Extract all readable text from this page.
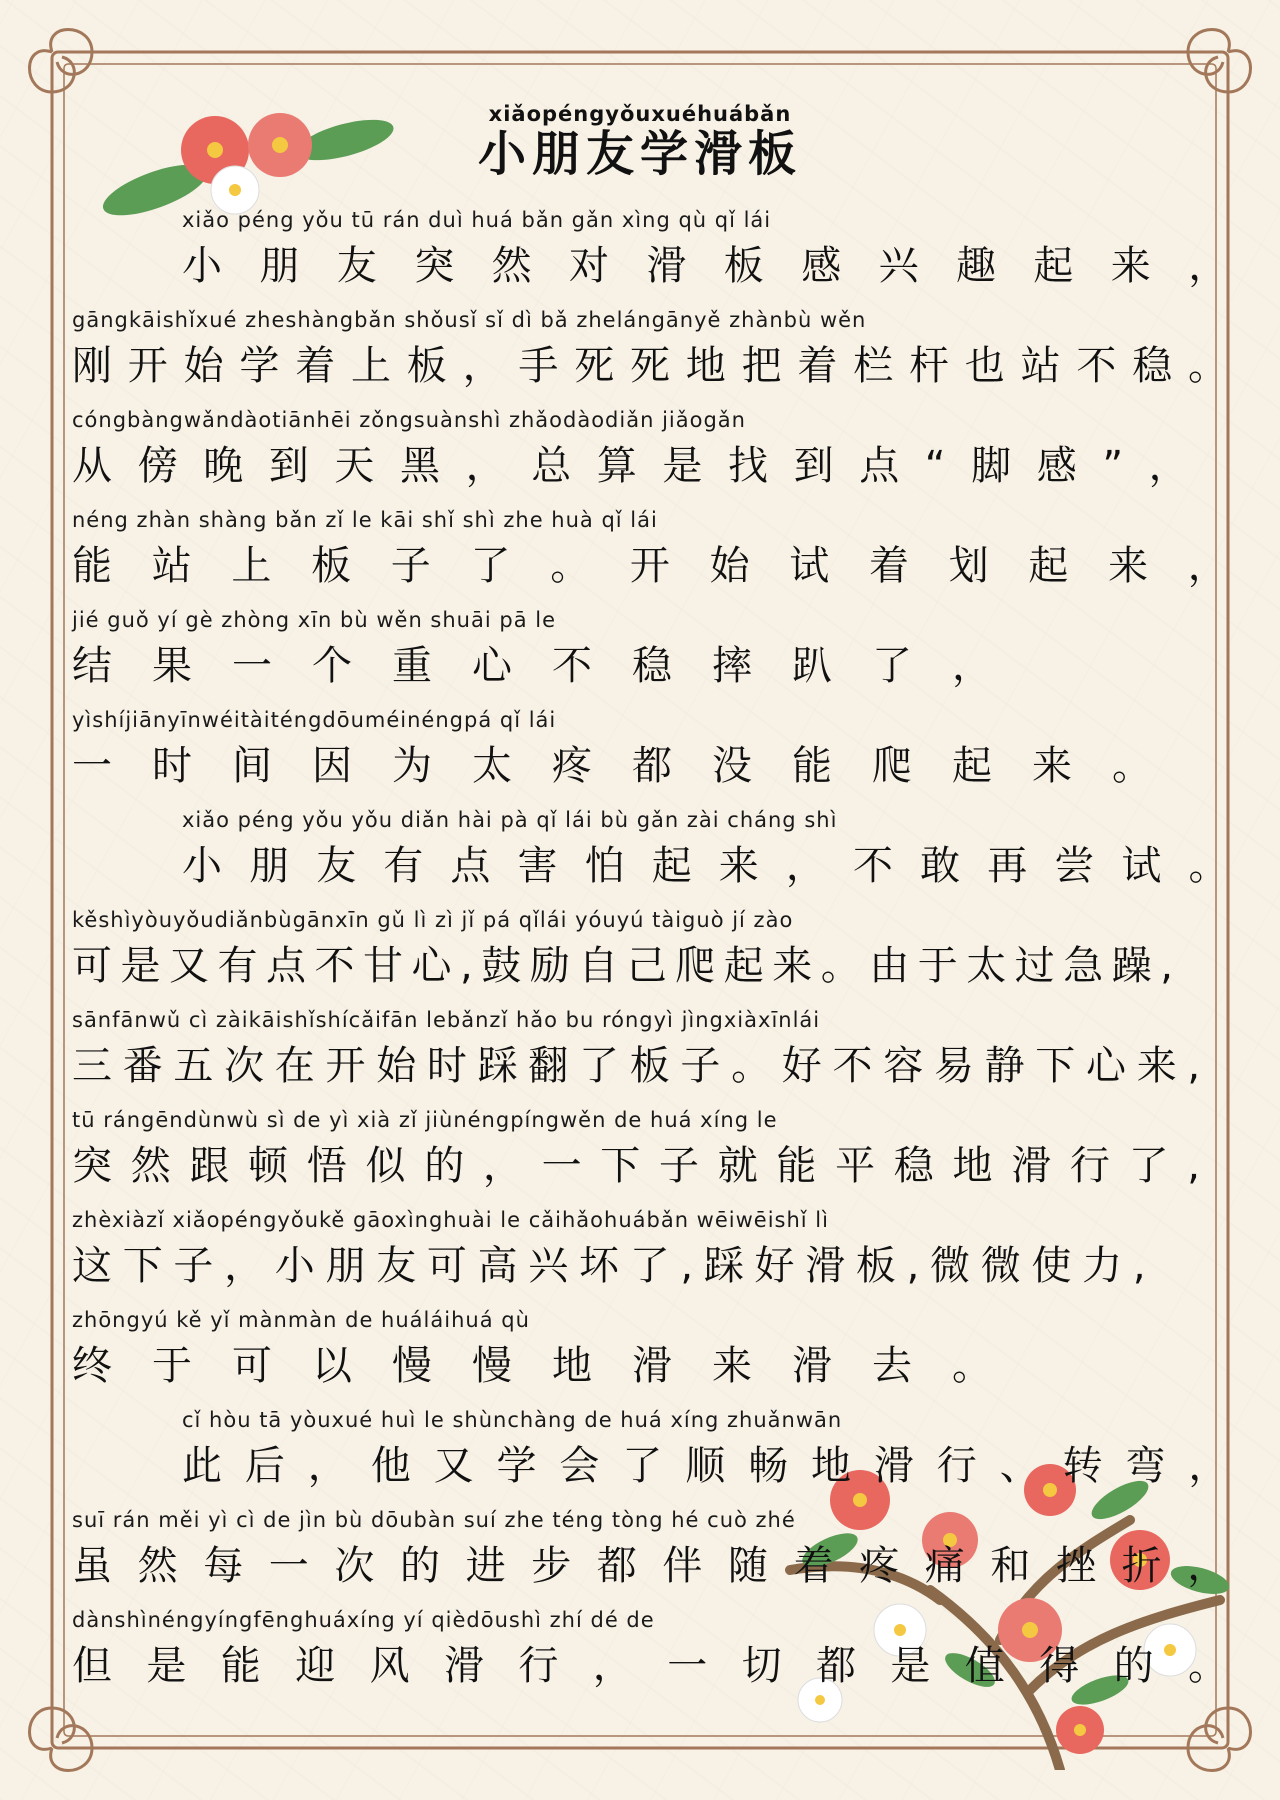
xiǎopéngyǒuxuéhuábǎn
小朋友学滑板
xiǎo péng yǒu tū rán duì huá bǎn gǎn xìng qù qǐ lái
小朋友突然对滑板感兴趣起来，
gāngkāishǐxué zheshàngbǎn shǒusǐ sǐ dì bǎ zhelángānyě zhànbù wěn
刚开始学着上板，手死死地把着栏杆也站不稳。
cóngbàngwǎndàotiānhēi zǒngsuànshì zhǎodàodiǎn jiǎogǎn
从傍晚到天黑，总算是找到点“脚感”，
néng zhàn shàng bǎn zǐ le kāi shǐ shì zhe huà qǐ lái
能站上板子了。开始试着划起来，
jié guǒ yí gè zhòng xīn bù wěn shuāi pā le
结果一个重心不稳摔趴了，
yìshíjiānyīnwéitàiténgdōuméinéngpá qǐ lái
一时间因为太疼都没能爬起来。
xiǎo péng yǒu yǒu diǎn hài pà qǐ lái bù gǎn zài cháng shì
小朋友有点害怕起来，不敢再尝试。
kěshìyòuyǒudiǎnbùgānxīn gǔ lì zì jǐ pá qǐlái yóuyú tàiguò jí zào
可是又有点不甘心,鼓励自己爬起来。由于太过急躁,
sānfānwǔ cì zàikāishǐshícǎifān lebǎnzǐ hǎo bu róngyì jìngxiàxīnlái
三番五次在开始时踩翻了板子。好不容易静下心来,
tū rángēndùnwù sì de yì xià zǐ jiùnéngpíngwěn de huá xíng le
突然跟顿悟似的，一下子就能平稳地滑行了,
zhèxiàzǐ xiǎopéngyǒukě gāoxìnghuài le cǎihǎohuábǎn wēiwēishǐ lì
这下子，小朋友可高兴坏了,踩好滑板,微微使力,
zhōngyú kě yǐ mànmàn de huáláihuá qù
终于可以慢慢地滑来滑去。
cǐ hòu tā yòuxué huì le shùnchàng de huá xíng zhuǎnwān
此后，他又学会了顺畅地滑行、转弯，
suī rán měi yì cì de jìn bù dōubàn suí zhe téng tòng hé cuò zhé
虽然每一次的进步都伴随着疼痛和挫折，
dànshìnéngyíngfēnghuáxíng yí qièdōushì zhí dé de
但是能迎风滑行，一切都是值得的。
